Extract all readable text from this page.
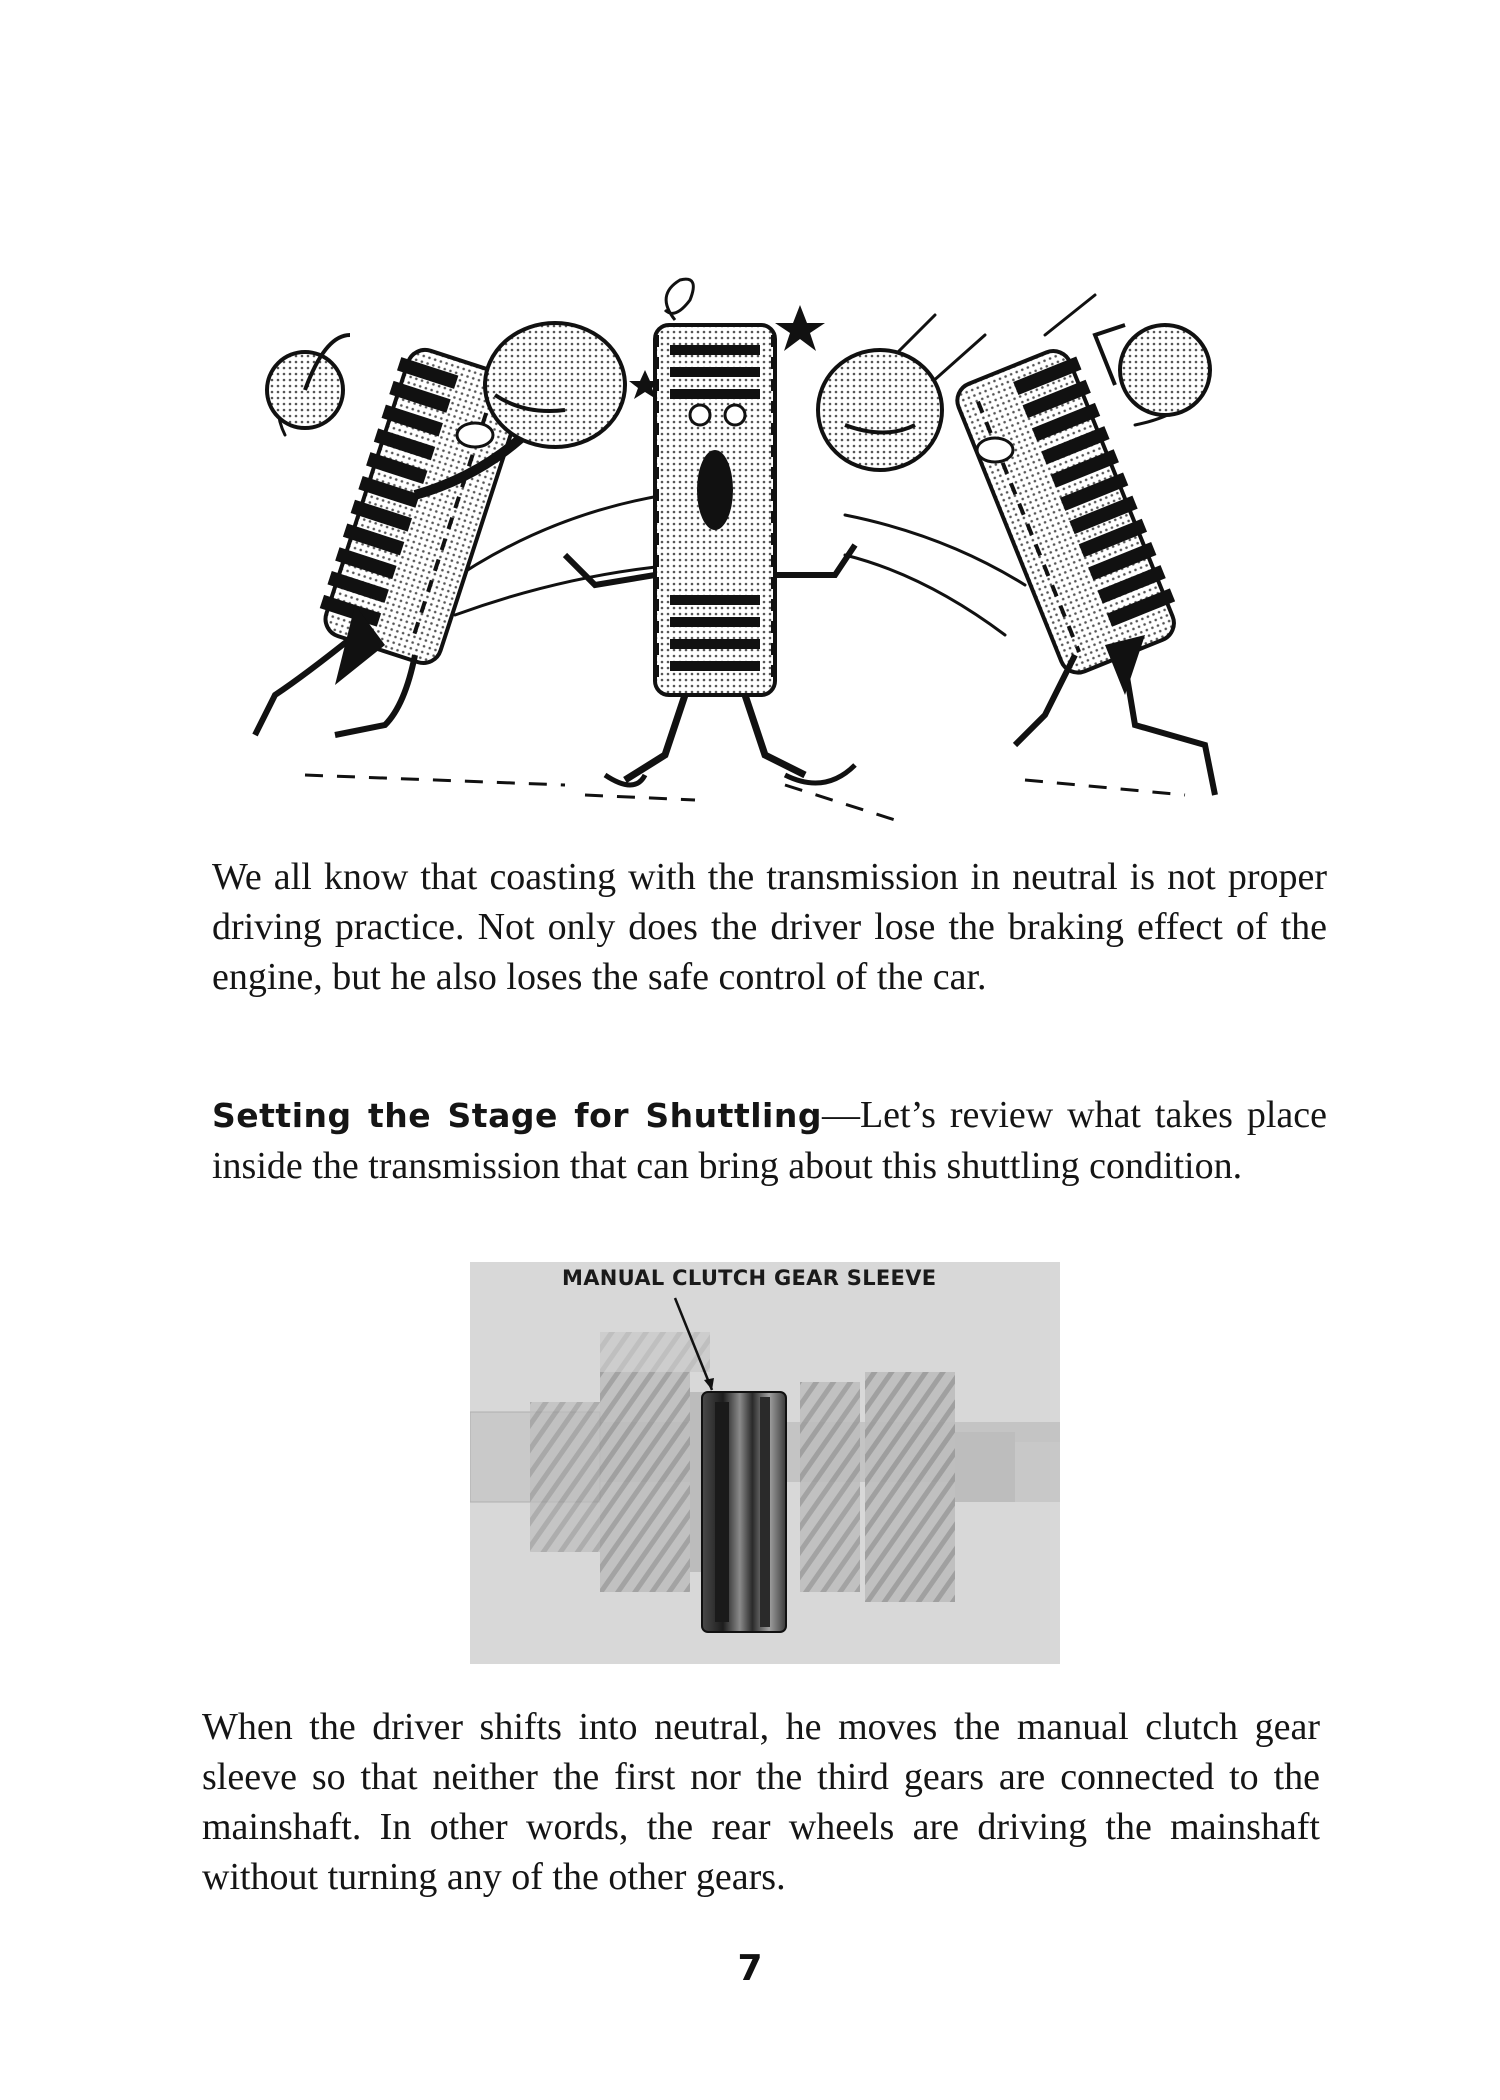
We all know that coasting with the transmission in neutral is not proper driving practice. Not only does the driver lose the braking effect of the engine, but he also loses the safe control of the car.

Setting the Stage for Shuttling—Let’s review what takes place inside the transmission that can bring about this shuttling condition.

MANUAL CLUTCH GEAR SLEEVE

When the driver shifts into neutral, he moves the manual clutch gear sleeve so that neither the first nor the third gears are connected to the mainshaft. In other words, the rear wheels are driving the mainshaft without turning any of the other gears.

7
